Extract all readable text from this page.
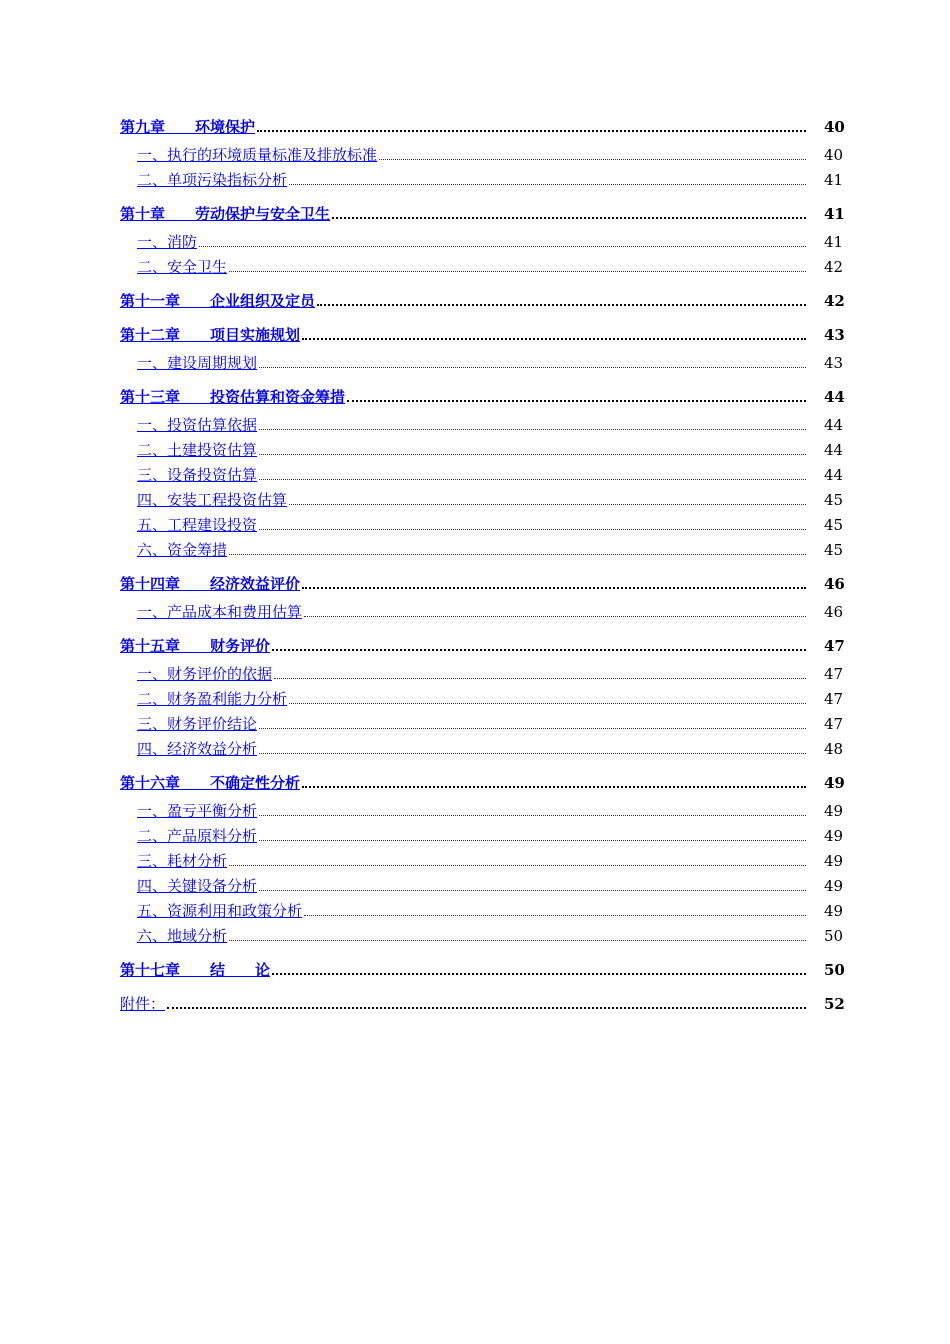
第九章　　环境保护	40
一、执行的环境质量标准及排放标准	40
二、单项污染指标分析	41
第十章　　劳动保护与安全卫生	41
一、消防	41
二、安全卫生	42
第十一章　　企业组织及定员	42
第十二章　　项目实施规划	43
一、建设周期规划	43
第十三章　　投资估算和资金筹措	44
一、投资估算依据	44
二、土建投资估算	44
三、设备投资估算	44
四、安装工程投资估算	45
五、工程建设投资	45
六、资金筹措	45
第十四章　　经济效益评价	46
一、产品成本和费用估算	46
第十五章　　财务评价	47
一、财务评价的依据	47
二、财务盈利能力分析	47
三、财务评价结论	47
四、经济效益分析	48
第十六章　　不确定性分析	49
一、盈亏平衡分析	49
二、产品原料分析	49
三、耗材分析	49
四、关键设备分析	49
五、资源利用和政策分析	49
六、地域分析	50
第十七章　　结　　论	50
附件：	52
